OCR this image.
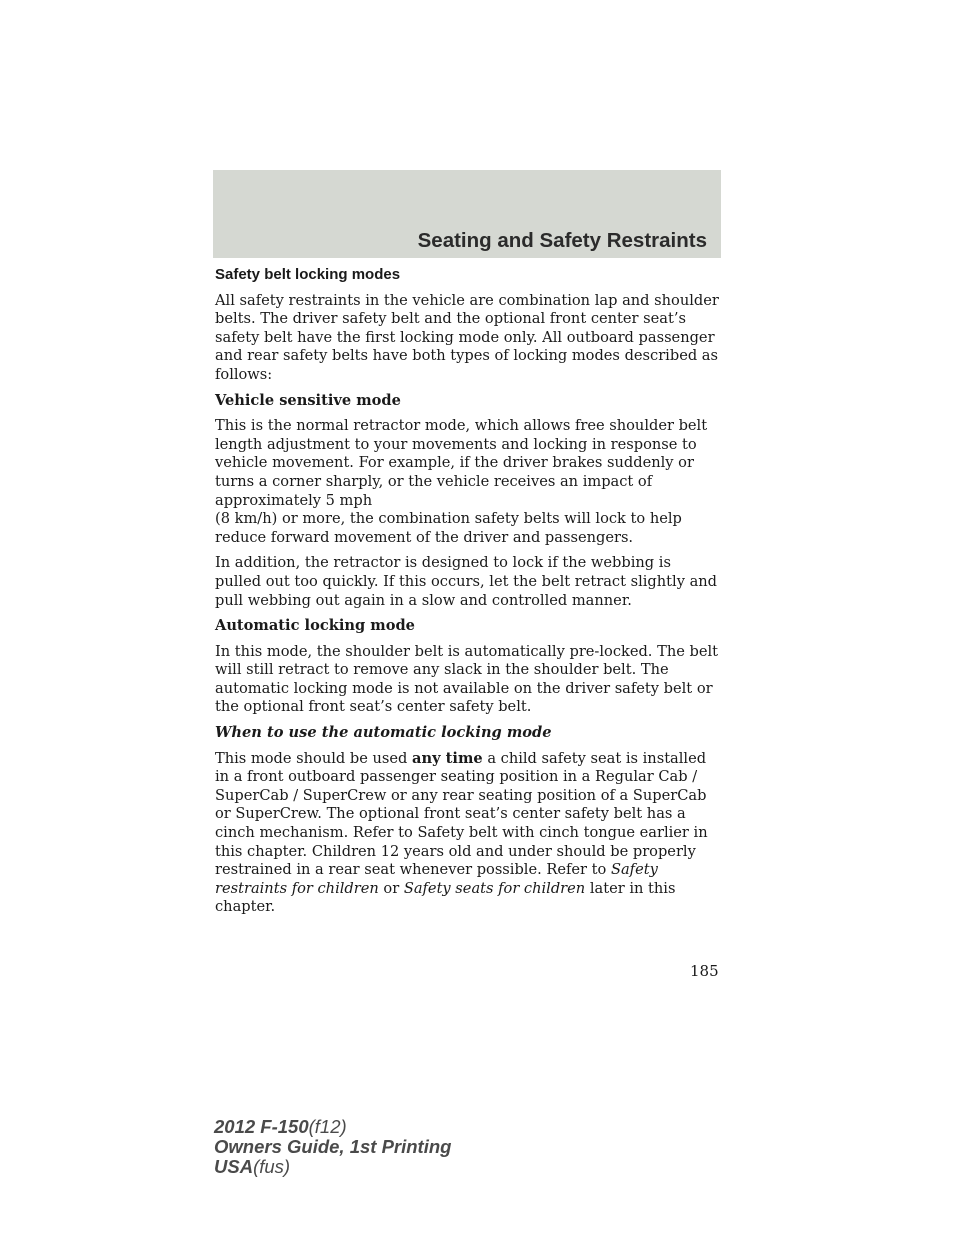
Seating and Safety Restraints
Safety belt locking modes

All safety restraints in the vehicle are combination lap and shoulder belts. The driver safety belt and the optional front center seat’s safety belt have the first locking mode only. All outboard passenger and rear safety belts have both types of locking modes described as follows:

Vehicle sensitive mode

This is the normal retractor mode, which allows free shoulder belt length adjustment to your movements and locking in response to vehicle movement. For example, if the driver brakes suddenly or turns a corner sharply, or the vehicle receives an impact of approximately 5 mph

(8 km/h) or more, the combination safety belts will lock to help reduce forward movement of the driver and passengers.

In addition, the retractor is designed to lock if the webbing is pulled out too quickly. If this occurs, let the belt retract slightly and pull webbing out again in a slow and controlled manner.

Automatic locking mode

In this mode, the shoulder belt is automatically pre-locked. The belt will still retract to remove any slack in the shoulder belt. The automatic locking mode is not available on the driver safety belt or the optional front seat’s center safety belt.

When to use the automatic locking mode

This mode should be used any time a child safety seat is installed in a front outboard passenger seating position in a Regular Cab / SuperCab / SuperCrew or any rear seating position of a SuperCab or SuperCrew. The optional front seat’s center safety belt has a cinch mechanism. Refer to Safety belt with cinch tongue earlier in this chapter. Children 12 years old and under should be properly restrained in a rear seat whenever possible. Refer to Safety restraints for children or Safety seats for children later in this chapter.

185
2012 F-150(f12)
Owners Guide, 1st Printing
USA(fus)
